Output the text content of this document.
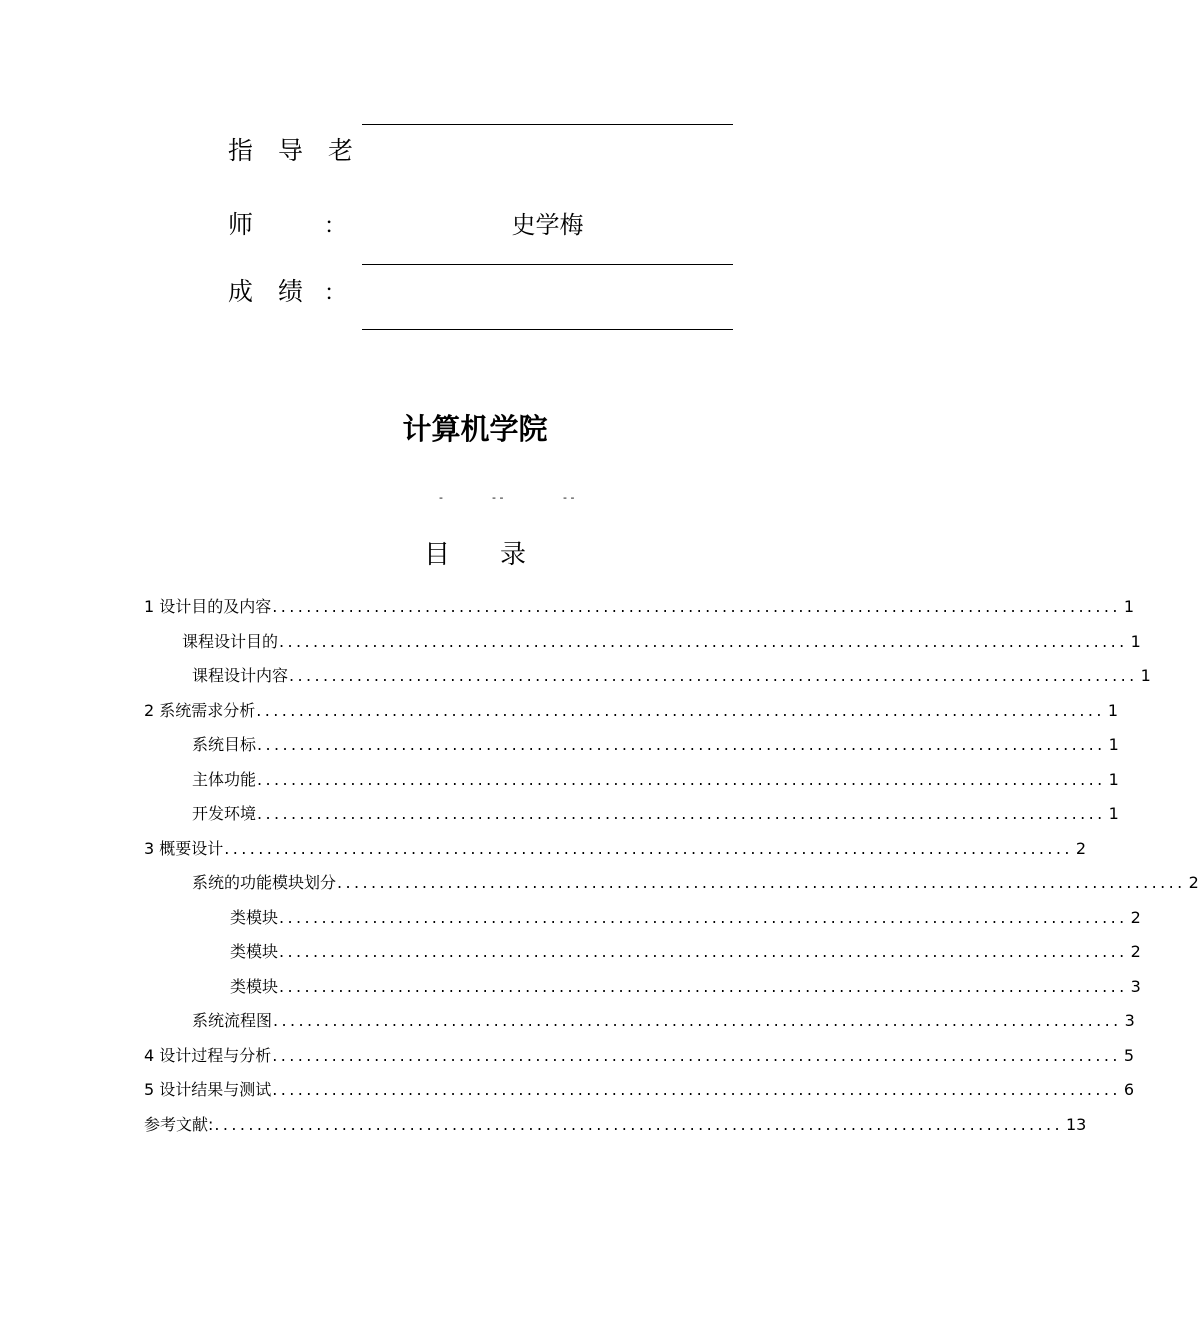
指 导 老
师	：	史学梅
成 绩 ：
计算机学院
-	- -	- -
目 录
1 设计目的及内容 .................................................................................................... 1
课程设计目的 .................................................................................................... 1
课程设计内容 .................................................................................................... 1
2 系统需求分析 .................................................................................................... 1
系统目标 .................................................................................................... 1
主体功能 .................................................................................................... 1
开发环境 .................................................................................................... 1
3 概要设计 .................................................................................................... 2
系统的功能模块划分 .................................................................................................... 2
类模块 .................................................................................................... 2
类模块 .................................................................................................... 2
类模块 .................................................................................................... 3
系统流程图 .................................................................................................... 3
4 设计过程与分析 .................................................................................................... 5
5 设计结果与测试 .................................................................................................... 6
参考文献: .................................................................................................... 13
